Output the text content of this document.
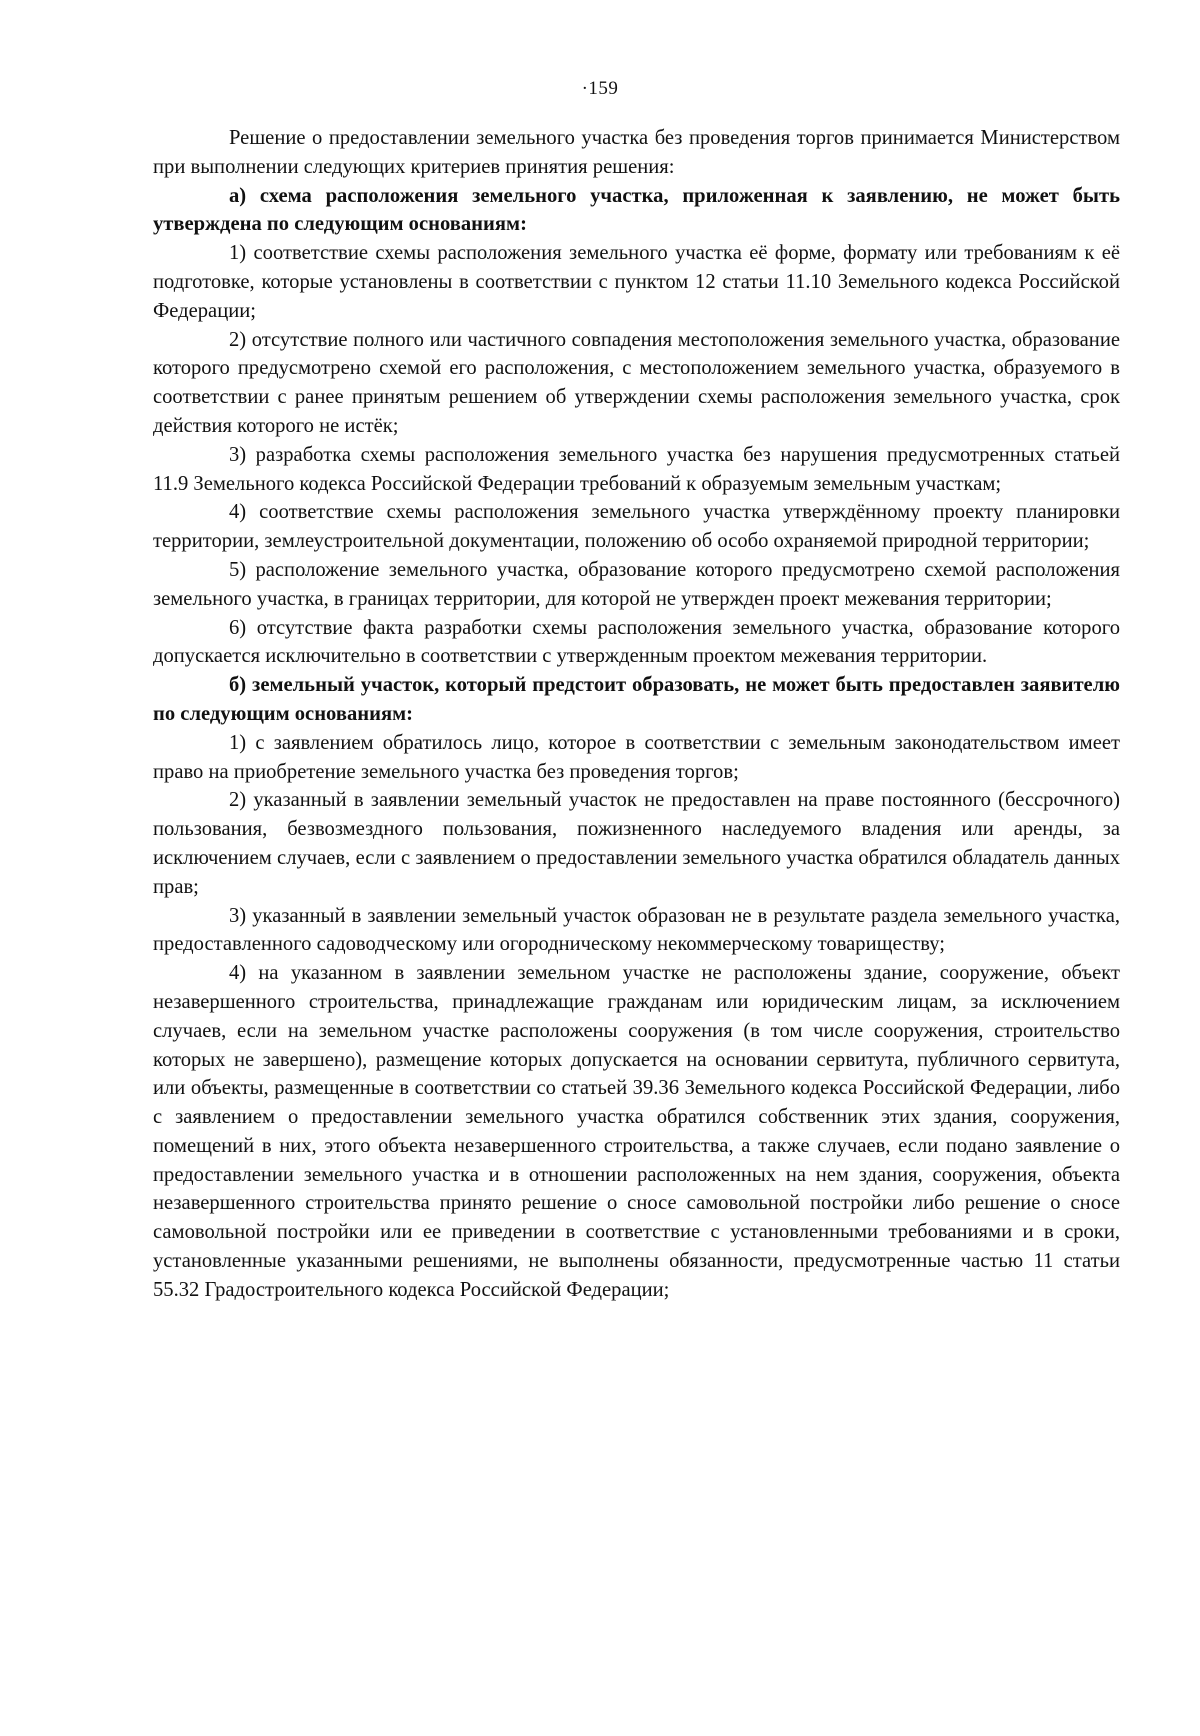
·159

Решение о предоставлении земельного участка без проведения торгов принимается Министерством при выполнении следующих критериев принятия решения:

а) схема расположения земельного участка, приложенная к заявлению, не может быть утверждена по следующим основаниям:

1) соответствие схемы расположения земельного участка её форме, формату или требованиям к её подготовке, которые установлены в соответствии с пунктом 12 статьи 11.10 Земельного кодекса Российской Федерации;

2) отсутствие полного или частичного совпадения местоположения земельного участка, образование которого предусмотрено схемой его расположения, с местоположением земельного участка, образуемого в соответствии с ранее принятым решением об утверждении схемы расположения земельного участка, срок действия которого не истёк;

3) разработка схемы расположения земельного участка без нарушения предусмотренных статьей 11.9 Земельного кодекса Российской Федерации требований к образуемым земельным участкам;

4) соответствие схемы расположения земельного участка утверждённому проекту планировки территории, землеустроительной документации, положению об особо охраняемой природной территории;

5) расположение земельного участка, образование которого предусмотрено схемой расположения земельного участка, в границах территории, для которой не утвержден проект межевания территории;

6) отсутствие факта разработки схемы расположения земельного участка, образование которого допускается исключительно в соответствии с утвержденным проектом межевания территории.

б) земельный участок, который предстоит образовать, не может быть предоставлен заявителю по следующим основаниям:

1) с заявлением обратилось лицо, которое в соответствии с земельным законодательством имеет право на приобретение земельного участка без проведения торгов;

2) указанный в заявлении земельный участок не предоставлен на праве постоянного (бессрочного) пользования, безвозмездного пользования, пожизненного наследуемого владения или аренды, за исключением случаев, если с заявлением о предоставлении земельного участка обратился обладатель данных прав;

3) указанный в заявлении земельный участок образован не в результате раздела земельного участка, предоставленного садоводческому или огородническому некоммерческому товариществу;

4) на указанном в заявлении земельном участке не расположены здание, сооружение, объект незавершенного строительства, принадлежащие гражданам или юридическим лицам, за исключением случаев, если на земельном участке расположены сооружения (в том числе сооружения, строительство которых не завершено), размещение которых допускается на основании сервитута, публичного сервитута, или объекты, размещенные в соответствии со статьей 39.36 Земельного кодекса Российской Федерации, либо с заявлением о предоставлении земельного участка обратился собственник этих здания, сооружения, помещений в них, этого объекта незавершенного строительства, а также случаев, если подано заявление о предоставлении земельного участка и в отношении расположенных на нем здания, сооружения, объекта незавершенного строительства принято решение о сносе самовольной постройки либо решение о сносе самовольной постройки или ее приведении в соответствие с установленными требованиями и в сроки, установленные указанными решениями, не выполнены обязанности, предусмотренные частью 11 статьи 55.32 Градостроительного кодекса Российской Федерации;
